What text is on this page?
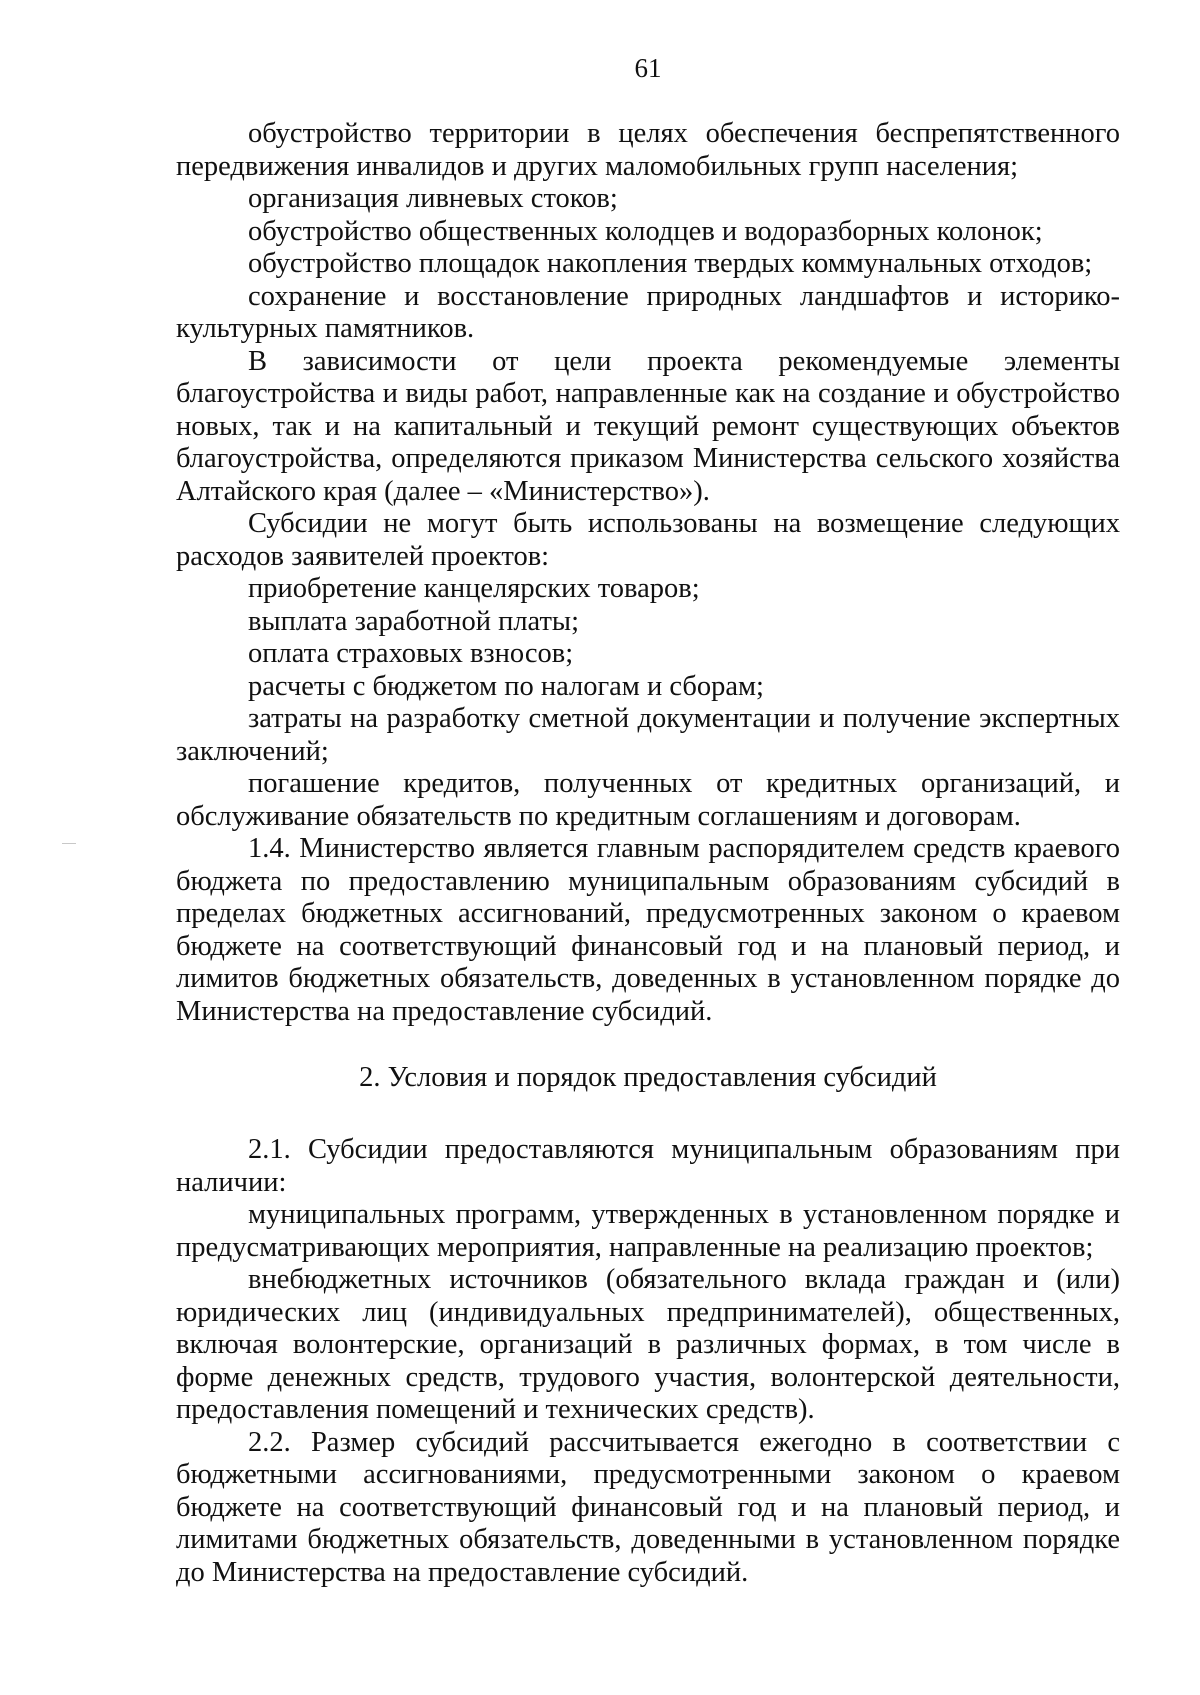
61

обустройство территории в целях обеспечения беспрепятственного передвижения инвалидов и других маломобильных групп населения;

организация ливневых стоков;

обустройство общественных колодцев и водоразборных колонок;

обустройство площадок накопления твердых коммунальных отходов;

сохранение и восстановление природных ландшафтов и историко-культурных памятников.

В зависимости от цели проекта рекомендуемые элементы благоустройства и виды работ, направленные как на создание и обустройство новых, так и на капитальный и текущий ремонт существующих объектов благоустройства, определяются приказом Министерства сельского хозяйства Алтайского края (далее – «Министерство»).

Субсидии не могут быть использованы на возмещение следующих расходов заявителей проектов:

приобретение канцелярских товаров;

выплата заработной платы;

оплата страховых взносов;

расчеты с бюджетом по налогам и сборам;

затраты на разработку сметной документации и получение экспертных заключений;

погашение кредитов, полученных от кредитных организаций, и обслуживание обязательств по кредитным соглашениям и договорам.

1.4. Министерство является главным распорядителем средств краевого бюджета по предоставлению муниципальным образованиям субсидий в пределах бюджетных ассигнований, предусмотренных законом о краевом бюджете на соответствующий финансовый год и на плановый период, и лимитов бюджетных обязательств, доведенных в установленном порядке до Министерства на предоставление субсидий.

2. Условия и порядок предоставления субсидий

2.1. Субсидии предоставляются муниципальным образованиям при наличии:

муниципальных программ, утвержденных в установленном порядке и предусматривающих мероприятия, направленные на реализацию проектов;

внебюджетных источников (обязательного вклада граждан и (или) юридических лиц (индивидуальных предпринимателей), общественных, включая волонтерские, организаций в различных формах, в том числе в форме денежных средств, трудового участия, волонтерской деятельности, предоставления помещений и технических средств).

2.2. Размер субсидий рассчитывается ежегодно в соответствии с бюджетными ассигнованиями, предусмотренными законом о краевом бюджете на соответствующий финансовый год и на плановый период, и лимитами бюджетных обязательств, доведенными в установленном порядке до Министерства на предоставление субсидий.
